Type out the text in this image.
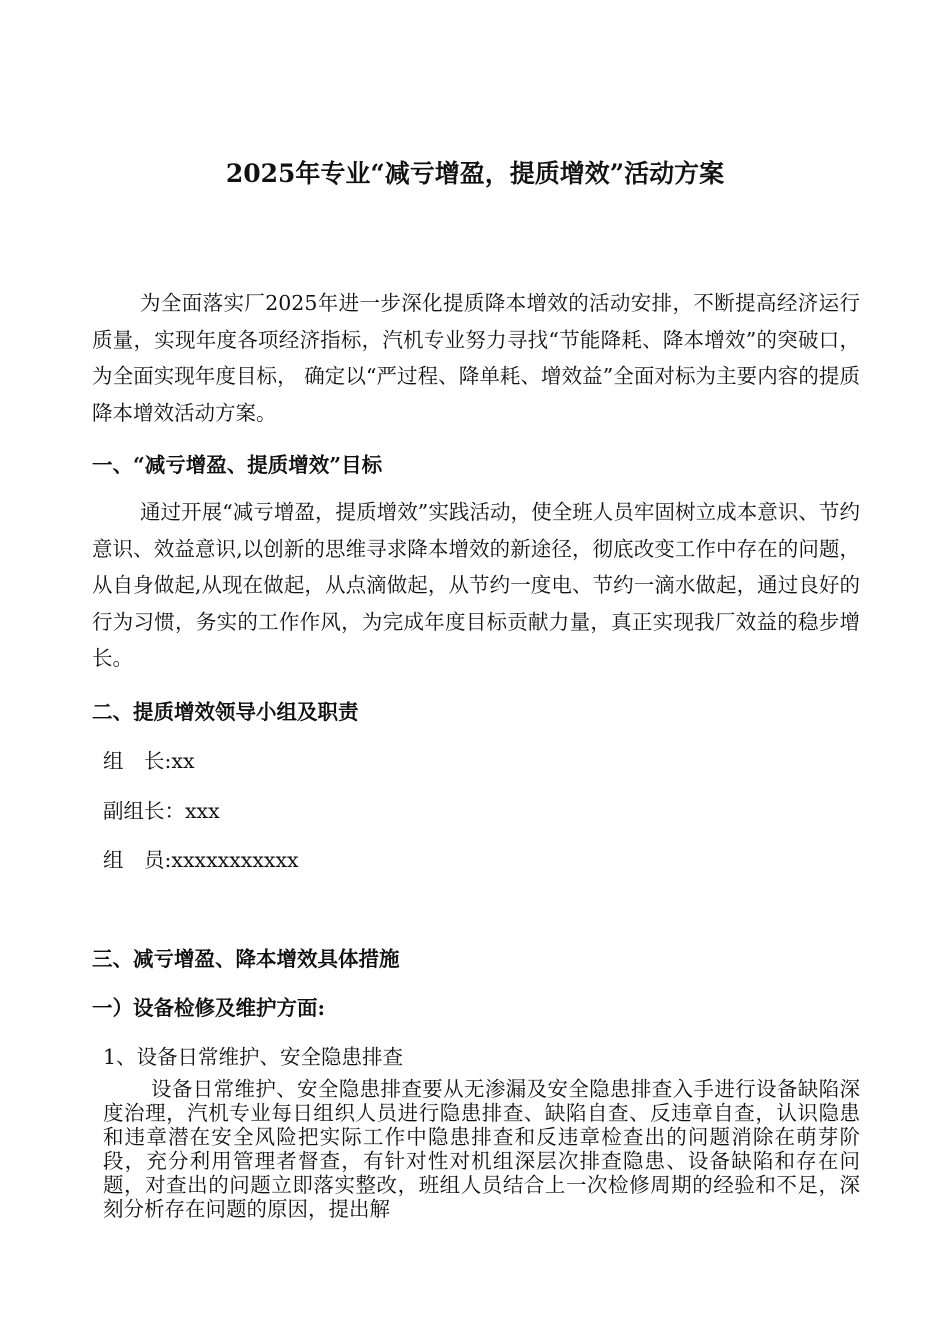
2025年专业“减亏增盈，提质增效”活动方案
为全面落实厂2025年进一步深化提质降本增效的活动安排，不断提高经济运行质量，实现年度各项经济指标，汽机专业努力寻找“节能降耗、降本增效”的突破口，为全面实现年度目标， 确定以“严过程、降单耗、增效益”全面对标为主要内容的提质降本增效活动方案。
一、“减亏增盈、提质增效”目标
通过开展“减亏增盈，提质增效”实践活动，使全班人员牢固树立成本意识、节约意识、效益意识,以创新的思维寻求降本增效的新途径，彻底改变工作中存在的问题，从自身做起,从现在做起，从点滴做起，从节约一度电、节约一滴水做起，通过良好的行为习惯，务实的工作作风，为完成年度目标贡献力量，真正实现我厂效益的稳步增长。
二、提质增效领导小组及职责
组　长:xx
副组长：xxx
组　员:xxxxxxxxxxx
三、减亏增盈、降本增效具体措施
一）设备检修及维护方面:
1、设备日常维护、安全隐患排查
设备日常维护、安全隐患排查要从无渗漏及安全隐患排查入手进行设备缺陷深度治理，汽机专业每日组织人员进行隐患排查、缺陷自查、反违章自查，认识隐患和违章潜在安全风险把实际工作中隐患排查和反违章检查出的问题消除在萌芽阶段，充分利用管理者督查，有针对性对机组深层次排查隐患、设备缺陷和存在问题，对查出的问题立即落实整改，班组人员结合上一次检修周期的经验和不足，深刻分析存在问题的原因，提出解
